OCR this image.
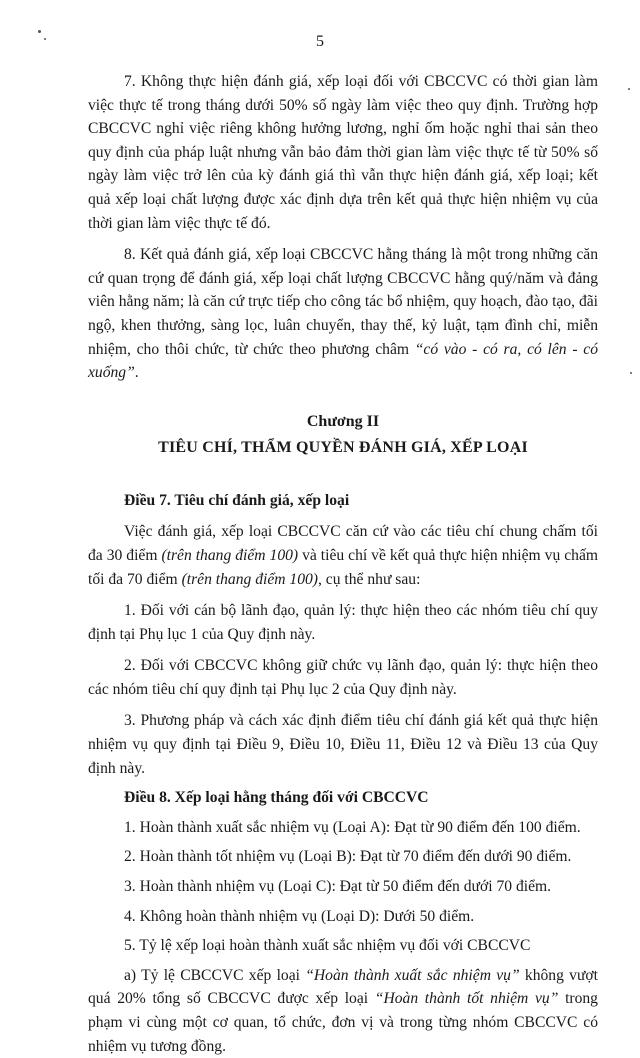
5

7. Không thực hiện đánh giá, xếp loại đối với CBCCVC có thời gian làm việc thực tế trong tháng dưới 50% số ngày làm việc theo quy định. Trường hợp CBCCVC nghỉ việc riêng không hưởng lương, nghỉ ốm hoặc nghỉ thai sản theo quy định của pháp luật nhưng vẫn bảo đảm thời gian làm việc thực tế từ 50% số ngày làm việc trở lên của kỳ đánh giá thì vẫn thực hiện đánh giá, xếp loại; kết quả xếp loại chất lượng được xác định dựa trên kết quả thực hiện nhiệm vụ của thời gian làm việc thực tế đó.

8. Kết quả đánh giá, xếp loại CBCCVC hằng tháng là một trong những căn cứ quan trọng để đánh giá, xếp loại chất lượng CBCCVC hằng quý/năm và đảng viên hằng năm; là căn cứ trực tiếp cho công tác bổ nhiệm, quy hoạch, đào tạo, đãi ngộ, khen thưởng, sàng lọc, luân chuyển, thay thế, kỷ luật, tạm đình chỉ, miễn nhiệm, cho thôi chức, từ chức theo phương châm “có vào - có ra, có lên - có xuống”.

Chương II
TIÊU CHÍ, THẨM QUYỀN ĐÁNH GIÁ, XẾP LOẠI

Điều 7. Tiêu chí đánh giá, xếp loại

Việc đánh giá, xếp loại CBCCVC căn cứ vào các tiêu chí chung chấm tối đa 30 điểm (trên thang điểm 100) và tiêu chí về kết quả thực hiện nhiệm vụ chấm tối đa 70 điểm (trên thang điểm 100), cụ thể như sau:

1. Đối với cán bộ lãnh đạo, quản lý: thực hiện theo các nhóm tiêu chí quy định tại Phụ lục 1 của Quy định này.

2. Đối với CBCCVC không giữ chức vụ lãnh đạo, quản lý: thực hiện theo các nhóm tiêu chí quy định tại Phụ lục 2 của Quy định này.

3. Phương pháp và cách xác định điểm tiêu chí đánh giá kết quả thực hiện nhiệm vụ quy định tại Điều 9, Điều 10, Điều 11, Điều 12 và Điều 13 của Quy định này.

Điều 8. Xếp loại hằng tháng đối với CBCCVC

1. Hoàn thành xuất sắc nhiệm vụ (Loại A): Đạt từ 90 điểm đến 100 điểm.

2. Hoàn thành tốt nhiệm vụ (Loại B): Đạt từ 70 điểm đến dưới 90 điểm.

3. Hoàn thành nhiệm vụ (Loại C): Đạt từ 50 điểm đến dưới 70 điểm.

4. Không hoàn thành nhiệm vụ (Loại D): Dưới 50 điểm.

5. Tỷ lệ xếp loại hoàn thành xuất sắc nhiệm vụ đối với CBCCVC

a) Tỷ lệ CBCCVC xếp loại “Hoàn thành xuất sắc nhiệm vụ” không vượt quá 20% tổng số CBCCVC được xếp loại “Hoàn thành tốt nhiệm vụ” trong phạm vi cùng một cơ quan, tổ chức, đơn vị và trong từng nhóm CBCCVC có nhiệm vụ tương đồng.
